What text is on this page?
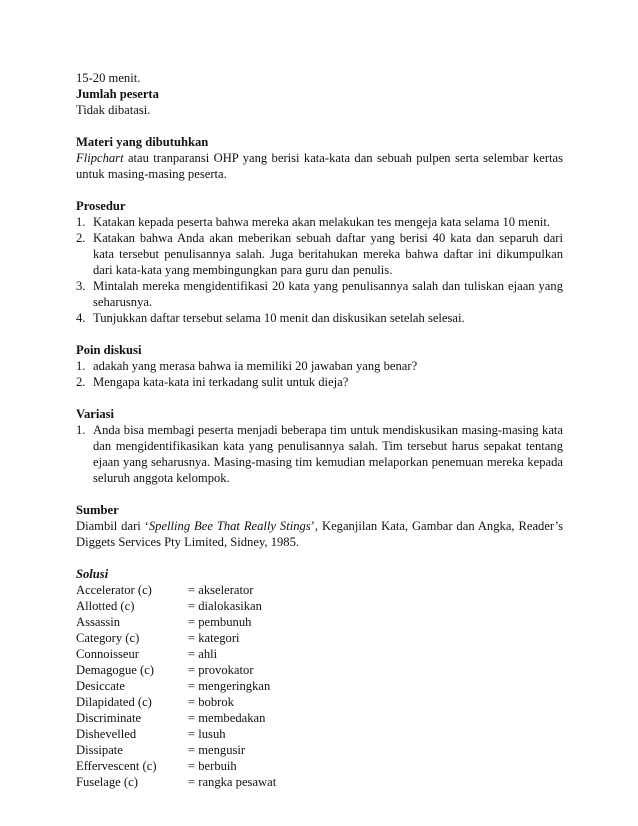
15-20 menit.

Jumlah peserta

Tidak dibatasi.

Materi yang dibutuhkan

Flipchart atau tranparansi OHP yang berisi kata-kata dan sebuah pulpen serta selembar kertas untuk masing-masing peserta.

Prosedur

1. Katakan kepada peserta bahwa mereka akan melakukan tes mengeja kata selama 10 menit.
2. Katakan bahwa Anda akan meberikan sebuah daftar yang berisi 40 kata dan separuh dari kata tersebut penulisannya salah. Juga beritahukan mereka bahwa daftar ini dikumpulkan dari kata-kata yang membingungkan para guru dan penulis.
3. Mintalah mereka mengidentifikasi 20 kata yang penulisannya salah dan tuliskan ejaan yang seharusnya.
4. Tunjukkan daftar tersebut selama 10 menit dan diskusikan setelah selesai.

Poin diskusi

1. adakah yang merasa bahwa ia memiliki 20 jawaban yang benar?
2. Mengapa kata-kata ini terkadang sulit untuk dieja?

Variasi

1. Anda bisa membagi peserta menjadi beberapa tim untuk mendiskusikan masing-masing kata dan mengidentifikasikan kata yang penulisannya salah. Tim tersebut harus sepakat tentang ejaan yang seharusnya. Masing-masing tim kemudian melaporkan penemuan mereka kepada seluruh anggota kelompok.

Sumber

Diambil dari ‘Spelling Bee That Really Stings’, Keganjilan Kata, Gambar dan Angka, Reader’s Diggets Services Pty Limited, Sidney, 1985.

Solusi

Accelerator (c)	= akselerator
Allotted (c)	= dialokasikan
Assassin	= pembunuh
Category (c)	= kategori
Connoisseur	= ahli
Demagogue (c)	= provokator
Desiccate	= mengeringkan
Dilapidated (c)	= bobrok
Discriminate	= membedakan
Dishevelled	= lusuh
Dissipate	= mengusir
Effervescent (c)	= berbuih
Fuselage (c)	= rangka pesawat
